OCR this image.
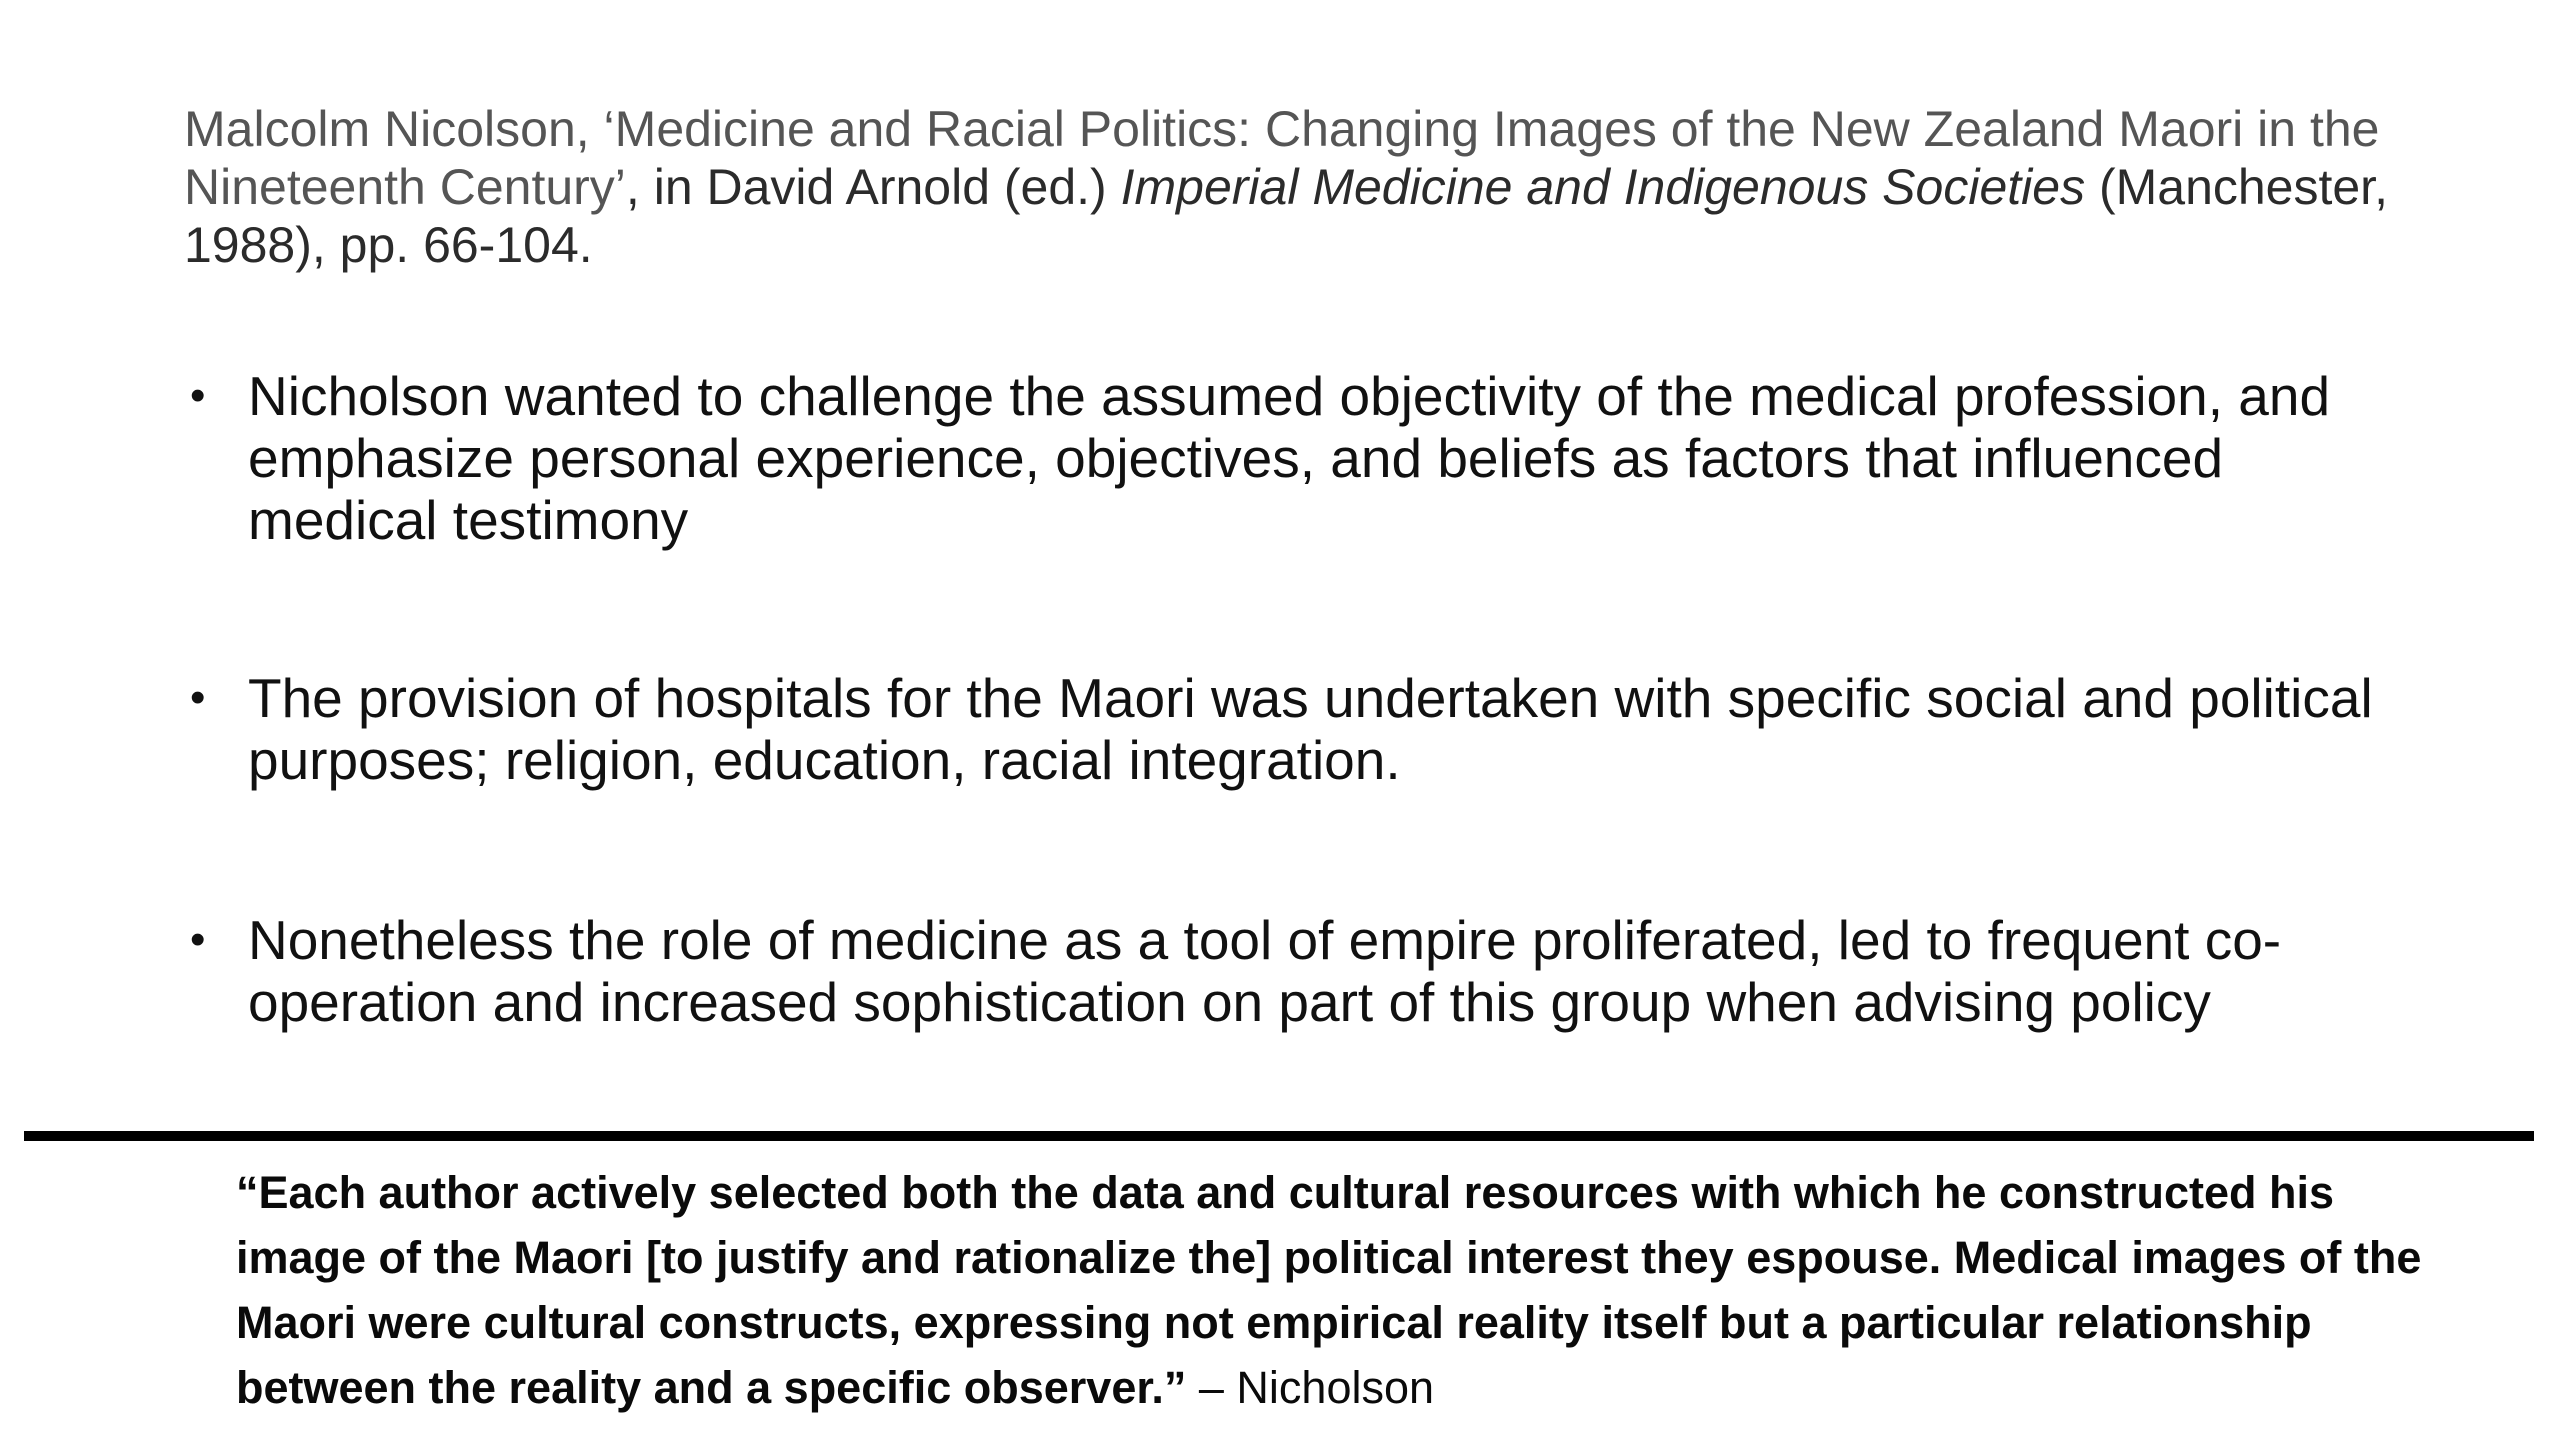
Malcolm Nicolson, ‘Medicine and Racial Politics: Changing Images of the New Zealand Maori in the Nineteenth Century’, in David Arnold (ed.) Imperial Medicine and Indigenous Societies (Manchester, 1988), pp. 66-104.
• Nicholson wanted to challenge the assumed objectivity of the medical profession, and emphasize personal experience, objectives, and beliefs as factors that influenced medical testimony
• The provision of hospitals for the Maori was undertaken with specific social and political purposes; religion, education, racial integration.
• Nonetheless the role of medicine as a tool of empire proliferated, led to frequent co-operation and increased sophistication on part of this group when advising policy
“Each author actively selected both the data and cultural resources with which he constructed his image of the Maori [to justify and rationalize the] political interest they espouse. Medical images of the Maori were cultural constructs, expressing not empirical reality itself but a particular relationship between the reality and a specific observer.” – Nicholson
